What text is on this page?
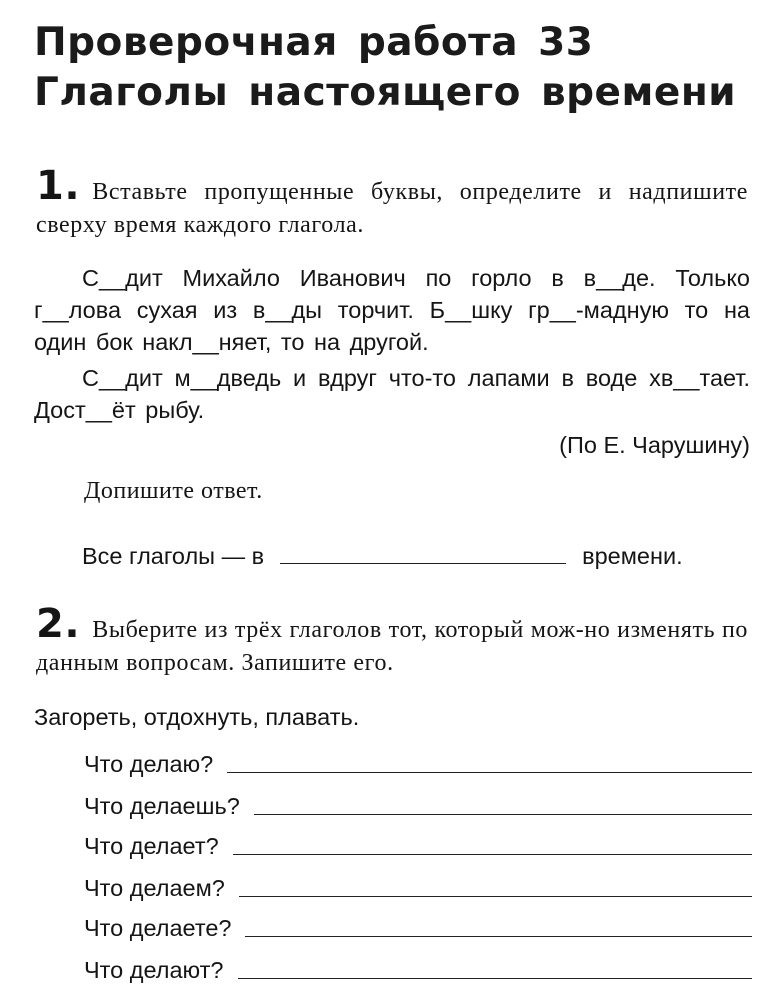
Проверочная работа 33
Глаголы настоящего времени
1. Вставьте пропущенные буквы, определите и надпишите сверху время каждого глагола.
С__дит Михайло Иванович по горло в в__де. Только г__лова сухая из в__ды торчит. Б__шку гр__-мадную то на один бок накл__няет, то на другой.
С__дит м__дведь и вдруг что-то лапами в воде хв__тает. Дост__ёт рыбу.
(По Е. Чарушину)
Допишите ответ.
Все глаголы — в	времени.
2. Выберите из трёх глаголов тот, который мож-но изменять по данным вопросам. Запишите его.
Загореть, отдохнуть, плавать.
Что делаю?
Что делаешь?
Что делает?
Что делаем?
Что делаете?
Что делают?
